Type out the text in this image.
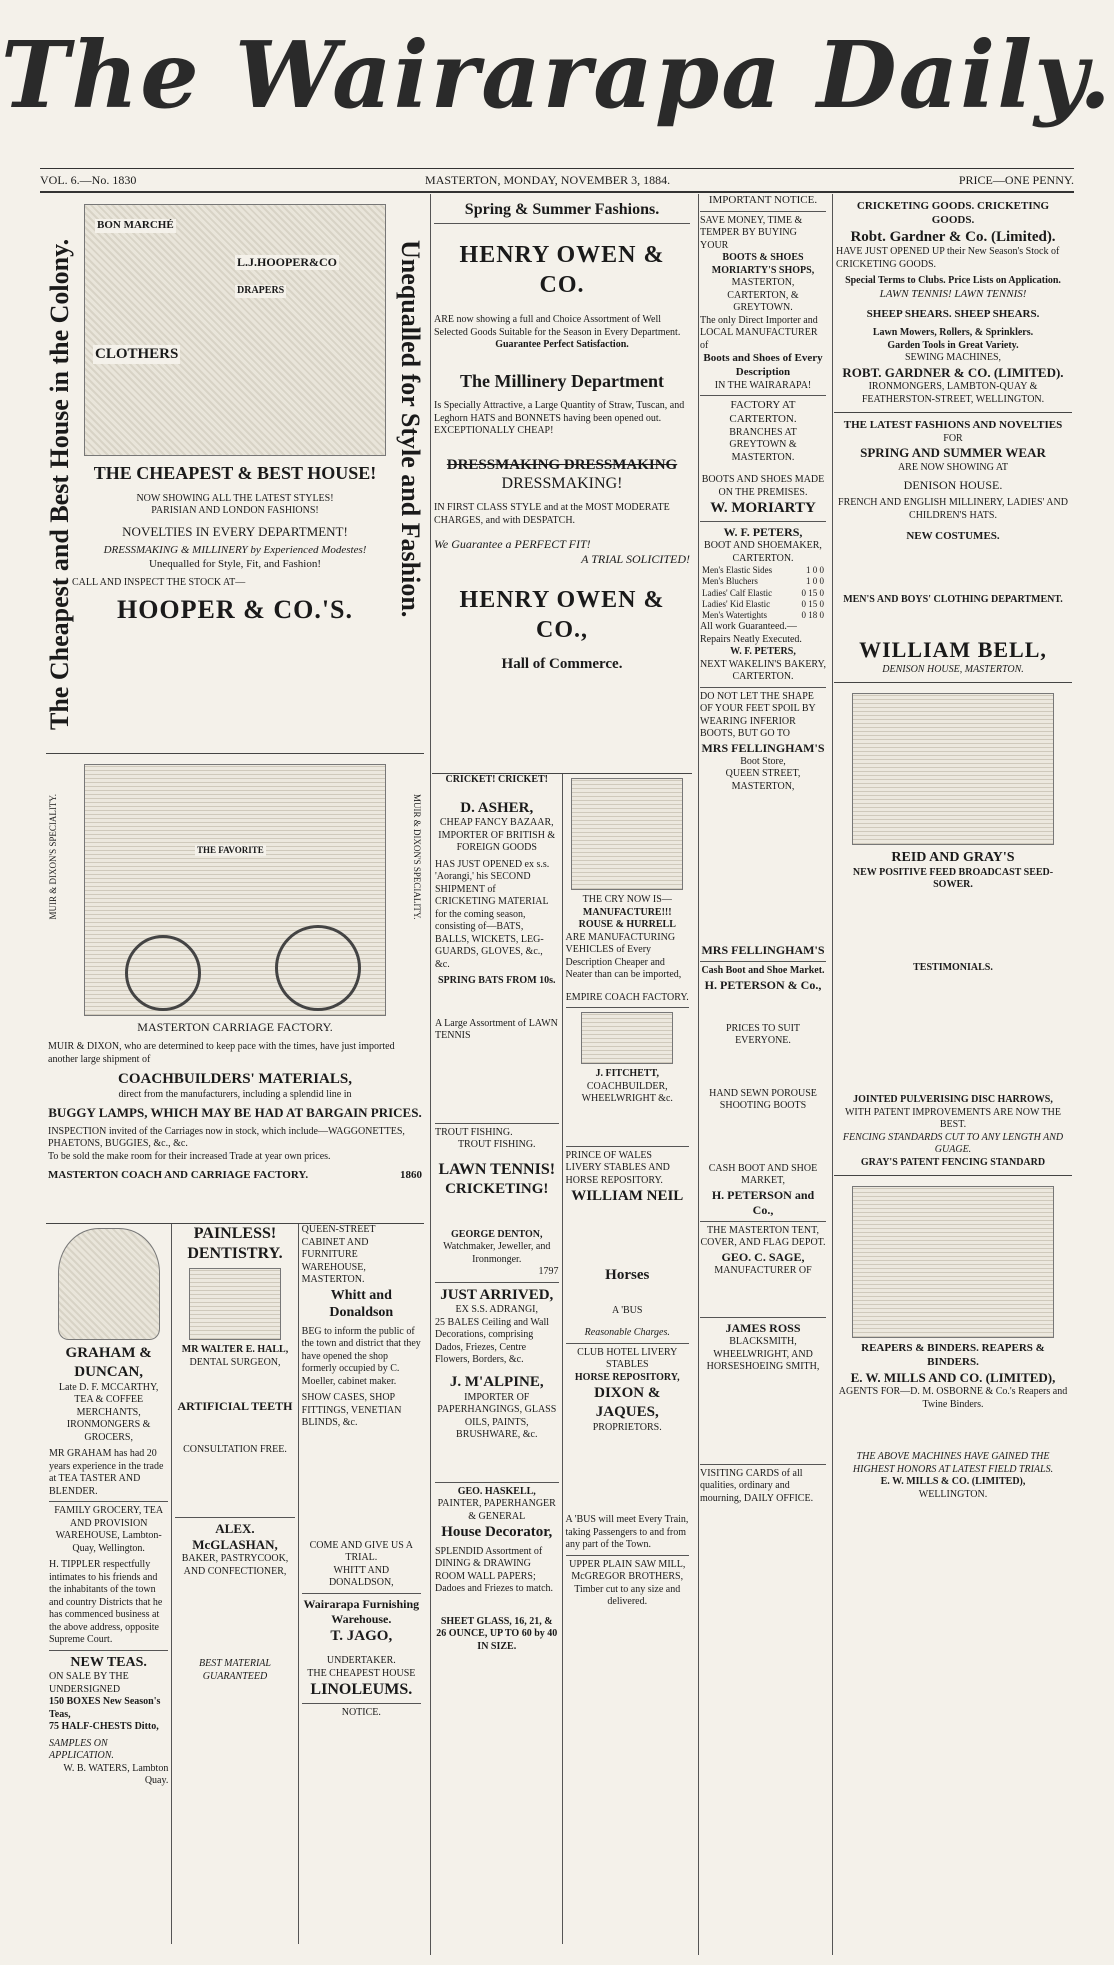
The Wairarapa Daily.
VOL. 6.—No. 1830	MASTERTON, MONDAY, NOVEMBER 3, 1884.	PRICE—ONE PENNY.
The Cheapest and Best House in the Colony.	Unequalled for Style and Fashion.
BON MARCHÉ
L.J.HOOPER&CO
DRAPERS
CLOTHERS
THE CHEAPEST & BEST HOUSE!
NOW SHOWING ALL THE LATEST STYLES!
PARISIAN AND LONDON FASHIONS!
NOVELTIES IN EVERY DEPARTMENT!
DRESSMAKING & MILLINERY by Experienced Modestes!
Unequalled for Style, Fit, and Fashion!
CALL AND INSPECT THE STOCK AT—
HOOPER & CO.'S.
MUIR & DIXON'S SPECIALITY.	MUIR & DIXON'S SPECIALITY.
THE FAVORITE
MASTERTON CARRIAGE FACTORY.
MUIR & DIXON, who are determined to keep pace with the times, have just imported another large shipment of
COACHBUILDERS' MATERIALS,
direct from the manufacturers, including a splendid line in
BUGGY LAMPS, WHICH MAY BE HAD AT BARGAIN PRICES.
INSPECTION invited of the Carriages now in stock, which include—WAGGONETTES, PHAETONS, BUGGIES, &c., &c.
To be sold the make room for their increased Trade at year own prices.
MASTERTON COACH AND CARRIAGE FACTORY.	1860
GRAHAM & DUNCAN,
Late D. F. MCCARTHY, TEA & COFFEE MERCHANTS, IRONMONGERS & GROCERS,
MR GRAHAM has had 20 years experience in the trade at TEA TASTER AND BLENDER.
FAMILY GROCERY, TEA AND PROVISION WAREHOUSE, Lambton-Quay, Wellington.
H. TIPPLER respectfully intimates to his friends and the inhabitants of the town and country Districts that he has commenced business at the above address, opposite Supreme Court.
NEW TEAS.
ON SALE BY THE UNDERSIGNED
150 BOXES New Season's Teas,
75 HALF-CHESTS Ditto,
SAMPLES ON APPLICATION.
W. B. WATERS, Lambton Quay.
PAINLESS! DENTISTRY.
MR WALTER E. HALL,
DENTAL SURGEON,
ARTIFICIAL TEETH
CONSULTATION FREE.
ALEX. McGLASHAN,
BAKER, PASTRYCOOK, AND CONFECTIONER,
BEST MATERIAL GUARANTEED
QUEEN-STREET CABINET AND FURNITURE WAREHOUSE, MASTERTON.
Whitt and Donaldson
BEG to inform the public of the town and district that they have opened the shop formerly occupied by C. Moeller, cabinet maker.
SHOW CASES, SHOP FITTINGS, VENETIAN BLINDS, &c.
COME AND GIVE US A TRIAL.
WHITT AND DONALDSON,
Wairarapa Furnishing Warehouse.
T. JAGO,
UNDERTAKER.
THE CHEAPEST HOUSE
LINOLEUMS.
NOTICE.
Spring & Summer Fashions.
HENRY OWEN & CO.
ARE now showing a full and Choice Assortment of Well Selected Goods Suitable for the Season in Every Department.
Guarantee Perfect Satisfaction.
The Millinery Department
Is Specially Attractive, a Large Quantity of Straw, Tuscan, and Leghorn HATS and BONNETS having been opened out. EXCEPTIONALLY CHEAP!
DRESSMAKING DRESSMAKING
DRESSMAKING!
IN FIRST CLASS STYLE and at the MOST MODERATE CHARGES, and with DESPATCH.
We Guarantee a PERFECT FIT!
A TRIAL SOLICITED!
HENRY OWEN & CO.,
Hall of Commerce.
CRICKET! CRICKET!
D. ASHER,
CHEAP FANCY BAZAAR, IMPORTER OF BRITISH & FOREIGN GOODS
HAS JUST OPENED ex s.s. 'Aorangi,' his SECOND SHIPMENT of CRICKETING MATERIAL for the coming season, consisting of—BATS, BALLS, WICKETS, LEG-GUARDS, GLOVES, &c., &c.
SPRING BATS FROM 10s.
A Large Assortment of LAWN TENNIS
TROUT FISHING.
TROUT FISHING.
LAWN TENNIS!
CRICKETING!
GEORGE DENTON,
Watchmaker, Jeweller, and Ironmonger.
1797
JUST ARRIVED,
EX S.S. ADRANGI,
25 BALES Ceiling and Wall Decorations, comprising Dados, Friezes, Centre Flowers, Borders, &c.
J. M'ALPINE,
IMPORTER OF PAPERHANGINGS, GLASS OILS, PAINTS, BRUSHWARE, &c.
GEO. HASKELL,
PAINTER, PAPERHANGER & GENERAL
House Decorator,
SPLENDID Assortment of DINING & DRAWING ROOM WALL PAPERS; Dadoes and Friezes to match.
SHEET GLASS, 16, 21, & 26 OUNCE, UP TO 60 by 40 IN SIZE.
THE CRY NOW IS—
MANUFACTURE!!!
ROUSE & HURRELL
ARE MANUFACTURING VEHICLES of Every Description Cheaper and Neater than can be imported,
EMPIRE COACH FACTORY.
J. FITCHETT,
COACHBUILDER, WHEELWRIGHT &c.
PRINCE OF WALES LIVERY STABLES AND HORSE REPOSITORY.
WILLIAM NEIL
Horses
A 'BUS
Reasonable Charges.
CLUB HOTEL LIVERY STABLES
HORSE REPOSITORY,
DIXON & JAQUES,
PROPRIETORS.
A 'BUS will meet Every Train, taking Passengers to and from any part of the Town.
UPPER PLAIN SAW MILL,
McGREGOR BROTHERS,
Timber cut to any size and delivered.
IMPORTANT NOTICE.
SAVE MONEY, TIME & TEMPER BY BUYING YOUR
BOOTS & SHOES
MORIARTY'S SHOPS,
MASTERTON, CARTERTON, & GREYTOWN.
The only Direct Importer and LOCAL MANUFACTURER of
Boots and Shoes of Every Description
IN THE WAIRARAPA!
FACTORY AT CARTERTON.
BRANCHES AT GREYTOWN & MASTERTON.
BOOTS AND SHOES MADE ON THE PREMISES.
W. MORIARTY
W. F. PETERS,
BOOT AND SHOEMAKER, CARTERTON.
Men's Elastic Sides	1 0 0
Men's Bluchers	1 0 0
Ladies' Calf Elastic	0 15 0
Ladies' Kid Elastic	0 15 0
Men's Watertights	0 18 0
All work Guaranteed.—Repairs Neatly Executed.
W. F. PETERS,
NEXT WAKELIN'S BAKERY, CARTERTON.
DO NOT LET THE SHAPE OF YOUR FEET SPOIL BY WEARING INFERIOR BOOTS, BUT GO TO
MRS FELLINGHAM'S
Boot Store,
QUEEN STREET, MASTERTON,
MRS FELLINGHAM'S
Cash Boot and Shoe Market.
H. PETERSON & Co.,
PRICES TO SUIT EVERYONE.
HAND SEWN POROUSE SHOOTING BOOTS
CASH BOOT AND SHOE MARKET,
H. PETERSON and Co.,
THE MASTERTON TENT, COVER, AND FLAG DEPOT.
GEO. C. SAGE,
MANUFACTURER OF
JAMES ROSS
BLACKSMITH, WHEELWRIGHT, AND HORSESHOEING SMITH,
VISITING CARDS of all qualities, ordinary and mourning, DAILY OFFICE.
CRICKETING GOODS. CRICKETING GOODS.
Robt. Gardner & Co. (Limited).
HAVE JUST OPENED UP their New Season's Stock of CRICKETING GOODS.
Special Terms to Clubs. Price Lists on Application.
LAWN TENNIS! LAWN TENNIS!
SHEEP SHEARS. SHEEP SHEARS.
Lawn Mowers, Rollers, & Sprinklers.
Garden Tools in Great Variety.
SEWING MACHINES,
ROBT. GARDNER & CO. (LIMITED).
IRONMONGERS, LAMBTON-QUAY & FEATHERSTON-STREET, WELLINGTON.
THE LATEST FASHIONS AND NOVELTIES
FOR
SPRING AND SUMMER WEAR
ARE NOW SHOWING AT
DENISON HOUSE.
FRENCH AND ENGLISH MILLINERY, LADIES' AND CHILDREN'S HATS.
NEW COSTUMES.
MEN'S AND BOYS' CLOTHING DEPARTMENT.
WILLIAM BELL,
DENISON HOUSE, MASTERTON.
REID AND GRAY'S
NEW POSITIVE FEED BROADCAST SEED-SOWER.
TESTIMONIALS.
JOINTED PULVERISING DISC HARROWS,
WITH PATENT IMPROVEMENTS ARE NOW THE BEST.
FENCING STANDARDS CUT TO ANY LENGTH AND GUAGE.
GRAY'S PATENT FENCING STANDARD
REAPERS & BINDERS. REAPERS & BINDERS.
E. W. MILLS AND CO. (LIMITED),
AGENTS FOR—D. M. OSBORNE & Co.'s Reapers and Twine Binders.
THE ABOVE MACHINES HAVE GAINED THE HIGHEST HONORS AT LATEST FIELD TRIALS.
E. W. MILLS & CO. (LIMITED),
WELLINGTON.
